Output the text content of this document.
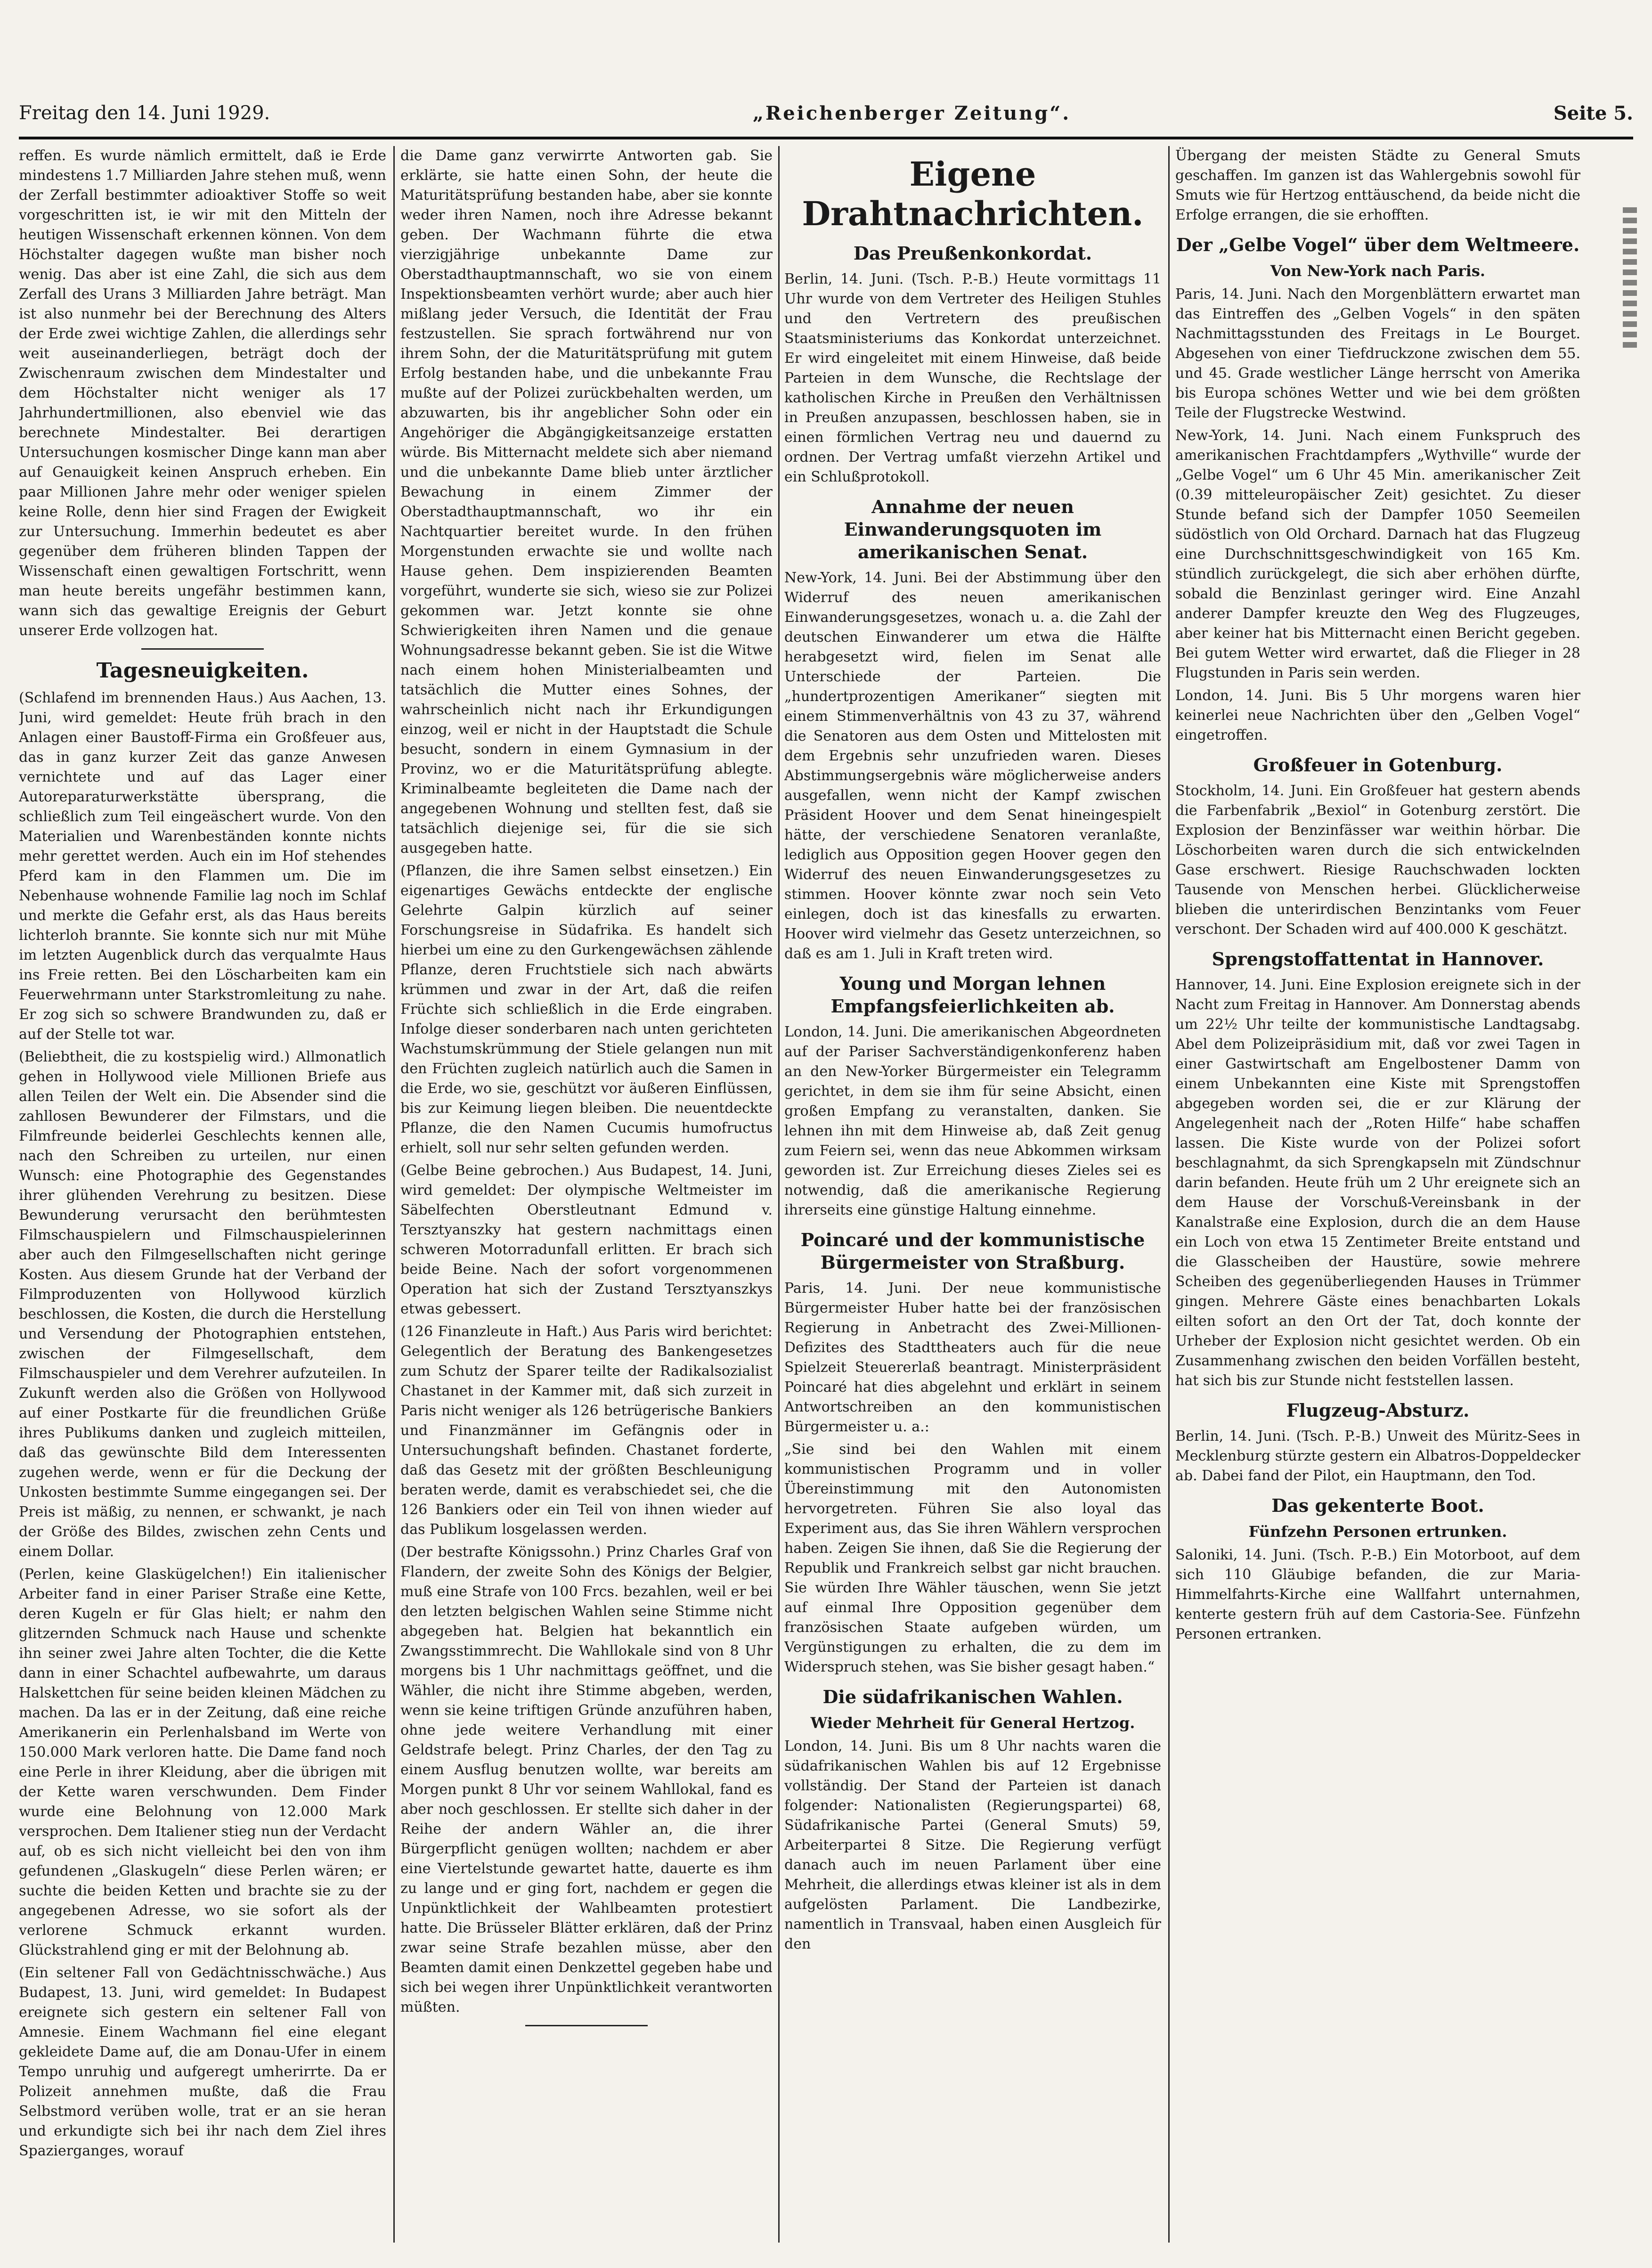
Freitag den 14. Juni 1929.	„Reichenberger Zeitung“.	Seite 5.

reffen. Es wurde nämlich ermittelt, daß ie Erde mindestens 1.7 Milliarden Jahre stehen muß, wenn der Zerfall bestimmter adioaktiver Stoffe so weit vorgeschritten ist, ie wir mit den Mitteln der heutigen Wissenschaft erkennen können. Von dem Höchstalter dagegen wußte man bisher noch wenig. Das aber ist eine Zahl, die sich aus dem Zerfall des Urans 3 Milliarden Jahre beträgt. Man ist also nunmehr bei der Berechnung des Alters der Erde zwei wichtige Zahlen, die allerdings sehr weit auseinanderliegen, beträgt doch der Zwischenraum zwischen dem Mindestalter und dem Höchstalter nicht weniger als 17 Jahrhundertmillionen, also ebenviel wie das berechnete Mindestalter. Bei derartigen Untersuchungen kosmischer Dinge kann man aber auf Genauigkeit keinen Anspruch erheben. Ein paar Millionen Jahre mehr oder weniger spielen keine Rolle, denn hier sind Fragen der Ewigkeit zur Untersuchung. Immerhin bedeutet es aber gegenüber dem früheren blinden Tappen der Wissenschaft einen gewaltigen Fortschritt, wenn man heute bereits ungefähr bestimmen kann, wann sich das gewaltige Ereignis der Geburt unserer Erde vollzogen hat.

Tagesneuigkeiten.

(Schlafend im brennenden Haus.) Aus Aachen, 13. Juni, wird gemeldet: Heute früh brach in den Anlagen einer Baustoff-Firma ein Großfeuer aus, das in ganz kurzer Zeit das ganze Anwesen vernichtete und auf das Lager einer Autoreparaturwerkstätte übersprang, die schließlich zum Teil eingeäschert wurde. Von den Materialien und Warenbeständen konnte nichts mehr gerettet werden. Auch ein im Hof stehendes Pferd kam in den Flammen um. Die im Nebenhause wohnende Familie lag noch im Schlaf und merkte die Gefahr erst, als das Haus bereits lichterloh brannte. Sie konnte sich nur mit Mühe im letzten Augenblick durch das verqualmte Haus ins Freie retten. Bei den Löscharbeiten kam ein Feuerwehrmann unter Starkstromleitung zu nahe. Er zog sich so schwere Brandwunden zu, daß er auf der Stelle tot war.

(Beliebtheit, die zu kostspielig wird.) Allmonatlich gehen in Hollywood viele Millionen Briefe aus allen Teilen der Welt ein. Die Absender sind die zahllosen Bewunderer der Filmstars, und die Filmfreunde beiderlei Geschlechts kennen alle, nach den Schreiben zu urteilen, nur einen Wunsch: eine Photographie des Gegenstandes ihrer glühenden Verehrung zu besitzen. Diese Bewunderung verursacht den berühmtesten Filmschauspielern und Filmschauspielerinnen aber auch den Filmgesellschaften nicht geringe Kosten. Aus diesem Grunde hat der Verband der Filmproduzenten von Hollywood kürzlich beschlossen, die Kosten, die durch die Herstellung und Versendung der Photographien entstehen, zwischen der Filmgesellschaft, dem Filmschauspieler und dem Verehrer aufzuteilen. In Zukunft werden also die Größen von Hollywood auf einer Postkarte für die freundlichen Grüße ihres Publikums danken und zugleich mitteilen, daß das gewünschte Bild dem Interessenten zugehen werde, wenn er für die Deckung der Unkosten bestimmte Summe eingegangen sei. Der Preis ist mäßig, zu nennen, er schwankt, je nach der Größe des Bildes, zwischen zehn Cents und einem Dollar.

(Perlen, keine Glaskügelchen!) Ein italienischer Arbeiter fand in einer Pariser Straße eine Kette, deren Kugeln er für Glas hielt; er nahm den glitzernden Schmuck nach Hause und schenkte ihn seiner zwei Jahre alten Tochter, die die Kette dann in einer Schachtel aufbewahrte, um daraus Halskettchen für seine beiden kleinen Mädchen zu machen. Da las er in der Zeitung, daß eine reiche Amerikanerin ein Perlenhalsband im Werte von 150.000 Mark verloren hatte. Die Dame fand noch eine Perle in ihrer Kleidung, aber die übrigen mit der Kette waren verschwunden. Dem Finder wurde eine Belohnung von 12.000 Mark versprochen. Dem Italiener stieg nun der Verdacht auf, ob es sich nicht vielleicht bei den von ihm gefundenen „Glaskugeln“ diese Perlen wären; er suchte die beiden Ketten und brachte sie zu der angegebenen Adresse, wo sie sofort als der verlorene Schmuck erkannt wurden. Glückstrahlend ging er mit der Belohnung ab.

(Ein seltener Fall von Gedächtnisschwäche.) Aus Budapest, 13. Juni, wird gemeldet: In Budapest ereignete sich gestern ein seltener Fall von Amnesie. Einem Wachmann fiel eine elegant gekleidete Dame auf, die am Donau-Ufer in einem Tempo unruhig und aufgeregt umherirrte. Da er Polizeit annehmen mußte, daß die Frau Selbstmord verüben wolle, trat er an sie heran und erkundigte sich bei ihr nach dem Ziel ihres Spazierganges, worauf

die Dame ganz verwirrte Antworten gab. Sie erklärte, sie hatte einen Sohn, der heute die Maturitätsprüfung bestanden habe, aber sie konnte weder ihren Namen, noch ihre Adresse bekannt geben. Der Wachmann führte die etwa vierzigjährige unbekannte Dame zur Oberstadthauptmannschaft, wo sie von einem Inspektionsbeamten verhört wurde; aber auch hier mißlang jeder Versuch, die Identität der Frau festzustellen. Sie sprach fortwährend nur von ihrem Sohn, der die Maturitätsprüfung mit gutem Erfolg bestanden habe, und die unbekannte Frau mußte auf der Polizei zurückbehalten werden, um abzuwarten, bis ihr angeblicher Sohn oder ein Angehöriger die Abgängigkeitsanzeige erstatten würde. Bis Mitternacht meldete sich aber niemand und die unbekannte Dame blieb unter ärztlicher Bewachung in einem Zimmer der Oberstadthauptmannschaft, wo ihr ein Nachtquartier bereitet wurde. In den frühen Morgenstunden erwachte sie und wollte nach Hause gehen. Dem inspizierenden Beamten vorgeführt, wunderte sie sich, wieso sie zur Polizei gekommen war. Jetzt konnte sie ohne Schwierigkeiten ihren Namen und die genaue Wohnungsadresse bekannt geben. Sie ist die Witwe nach einem hohen Ministerialbeamten und tatsächlich die Mutter eines Sohnes, der wahrscheinlich nicht nach ihr Erkundigungen einzog, weil er nicht in der Hauptstadt die Schule besucht, sondern in einem Gymnasium in der Provinz, wo er die Maturitätsprüfung ablegte. Kriminalbeamte begleiteten die Dame nach der angegebenen Wohnung und stellten fest, daß sie tatsächlich diejenige sei, für die sie sich ausgegeben hatte.

(Pflanzen, die ihre Samen selbst einsetzen.) Ein eigenartiges Gewächs entdeckte der englische Gelehrte Galpin kürzlich auf seiner Forschungsreise in Südafrika. Es handelt sich hierbei um eine zu den Gurkengewächsen zählende Pflanze, deren Fruchtstiele sich nach abwärts krümmen und zwar in der Art, daß die reifen Früchte sich schließlich in die Erde eingraben. Infolge dieser sonderbaren nach unten gerichteten Wachstumskrümmung der Stiele gelangen nun mit den Früchten zugleich natürlich auch die Samen in die Erde, wo sie, geschützt vor äußeren Einflüssen, bis zur Keimung liegen bleiben. Die neuentdeckte Pflanze, die den Namen Cucumis humofructus erhielt, soll nur sehr selten gefunden werden.

(Gelbe Beine gebrochen.) Aus Budapest, 14. Juni, wird gemeldet: Der olympische Weltmeister im Säbelfechten Oberstleutnant Edmund v. Tersztyanszky hat gestern nachmittags einen schweren Motorradunfall erlitten. Er brach sich beide Beine. Nach der sofort vorgenommenen Operation hat sich der Zustand Tersztyanszkys etwas gebessert.

(126 Finanzleute in Haft.) Aus Paris wird berichtet: Gelegentlich der Beratung des Bankengesetzes zum Schutz der Sparer teilte der Radikalsozialist Chastanet in der Kammer mit, daß sich zurzeit in Paris nicht weniger als 126 betrügerische Bankiers und Finanzmänner im Gefängnis oder in Untersuchungshaft befinden. Chastanet forderte, daß das Gesetz mit der größten Beschleunigung beraten werde, damit es verabschiedet sei, che die 126 Bankiers oder ein Teil von ihnen wieder auf das Publikum losgelassen werden.

(Der bestrafte Königssohn.) Prinz Charles Graf von Flandern, der zweite Sohn des Königs der Belgier, muß eine Strafe von 100 Frcs. bezahlen, weil er bei den letzten belgischen Wahlen seine Stimme nicht abgegeben hat. Belgien hat bekanntlich ein Zwangsstimmrecht. Die Wahllokale sind von 8 Uhr morgens bis 1 Uhr nachmittags geöffnet, und die Wähler, die nicht ihre Stimme abgeben, werden, wenn sie keine triftigen Gründe anzuführen haben, ohne jede weitere Verhandlung mit einer Geldstrafe belegt. Prinz Charles, der den Tag zu einem Ausflug benutzen wollte, war bereits am Morgen punkt 8 Uhr vor seinem Wahllokal, fand es aber noch geschlossen. Er stellte sich daher in der Reihe der andern Wähler an, die ihrer Bürgerpflicht genügen wollten; nachdem er aber eine Viertelstunde gewartet hatte, dauerte es ihm zu lange und er ging fort, nachdem er gegen die Unpünktlichkeit der Wahlbeamten protestiert hatte. Die Brüsseler Blätter erklären, daß der Prinz zwar seine Strafe bezahlen müsse, aber den Beamten damit einen Denkzettel gegeben habe und sich bei wegen ihrer Unpünktlichkeit verantworten müßten.

Eigene Drahtnachrichten.
Das Preußenkonkordat.

Berlin, 14. Juni. (Tsch. P.-B.) Heute vormittags 11 Uhr wurde von dem Vertreter des Heiligen Stuhles und den Vertretern des preußischen Staatsministeriums das Konkordat unterzeichnet. Er wird eingeleitet mit einem Hinweise, daß beide Parteien in dem Wunsche, die Rechtslage der katholischen Kirche in Preußen den Verhältnissen in Preußen anzupassen, beschlossen haben, sie in einen förmlichen Vertrag neu und dauernd zu ordnen. Der Vertrag umfaßt vierzehn Artikel und ein Schlußprotokoll.

Annahme der neuen Einwanderungsquoten im amerikanischen Senat.

New-York, 14. Juni. Bei der Abstimmung über den Widerruf des neuen amerikanischen Einwanderungsgesetzes, wonach u. a. die Zahl der deutschen Einwanderer um etwa die Hälfte herabgesetzt wird, fielen im Senat alle Unterschiede der Parteien. Die „hundertprozentigen Amerikaner“ siegten mit einem Stimmenverhältnis von 43 zu 37, während die Senatoren aus dem Osten und Mittelosten mit dem Ergebnis sehr unzufrieden waren. Dieses Abstimmungsergebnis wäre möglicherweise anders ausgefallen, wenn nicht der Kampf zwischen Präsident Hoover und dem Senat hineingespielt hätte, der verschiedene Senatoren veranlaßte, lediglich aus Opposition gegen Hoover gegen den Widerruf des neuen Einwanderungsgesetzes zu stimmen. Hoover könnte zwar noch sein Veto einlegen, doch ist das kinesfalls zu erwarten. Hoover wird vielmehr das Gesetz unterzeichnen, so daß es am 1. Juli in Kraft treten wird.

Young und Morgan lehnen Empfangsfeierlichkeiten ab.

London, 14. Juni. Die amerikanischen Abgeordneten auf der Pariser Sachverständigenkonferenz haben an den New-Yorker Bürgermeister ein Telegramm gerichtet, in dem sie ihm für seine Absicht, einen großen Empfang zu veranstalten, danken. Sie lehnen ihn mit dem Hinweise ab, daß Zeit genug zum Feiern sei, wenn das neue Abkommen wirksam geworden ist. Zur Erreichung dieses Zieles sei es notwendig, daß die amerikanische Regierung ihrerseits eine günstige Haltung einnehme.

Poincaré und der kommunistische Bürgermeister von Straßburg.

Paris, 14. Juni. Der neue kommunistische Bürgermeister Huber hatte bei der französischen Regierung in Anbetracht des Zwei-Millionen-Defizites des Stadttheaters auch für die neue Spielzeit Steuererlaß beantragt. Ministerpräsident Poincaré hat dies abgelehnt und erklärt in seinem Antwortschreiben an den kommunistischen Bürgermeister u. a.:

„Sie sind bei den Wahlen mit einem kommunistischen Programm und in voller Übereinstimmung mit den Autonomisten hervorgetreten. Führen Sie also loyal das Experiment aus, das Sie ihren Wählern versprochen haben. Zeigen Sie ihnen, daß Sie die Regierung der Republik und Frankreich selbst gar nicht brauchen. Sie würden Ihre Wähler täuschen, wenn Sie jetzt auf einmal Ihre Opposition gegenüber dem französischen Staate aufgeben würden, um Vergünstigungen zu erhalten, die zu dem im Widerspruch stehen, was Sie bisher gesagt haben.“

Die südafrikanischen Wahlen.
Wieder Mehrheit für General Hertzog.

London, 14. Juni. Bis um 8 Uhr nachts waren die südafrikanischen Wahlen bis auf 12 Ergebnisse vollständig. Der Stand der Parteien ist danach folgender: Nationalisten (Regierungspartei) 68, Südafrikanische Partei (General Smuts) 59, Arbeiterpartei 8 Sitze. Die Regierung verfügt danach auch im neuen Parlament über eine Mehrheit, die allerdings etwas kleiner ist als in dem aufgelösten Parlament. Die Landbezirke, namentlich in Transvaal, haben einen Ausgleich für den

Übergang der meisten Städte zu General Smuts geschaffen. Im ganzen ist das Wahlergebnis sowohl für Smuts wie für Hertzog enttäuschend, da beide nicht die Erfolge errangen, die sie erhofften.

Der „Gelbe Vogel“ über dem Weltmeere.
Von New-York nach Paris.

Paris, 14. Juni. Nach den Morgenblättern erwartet man das Eintreffen des „Gelben Vogels“ in den späten Nachmittagsstunden des Freitags in Le Bourget. Abgesehen von einer Tiefdruckzone zwischen dem 55. und 45. Grade westlicher Länge herrscht von Amerika bis Europa schönes Wetter und wie bei dem größten Teile der Flugstrecke Westwind.

New-York, 14. Juni. Nach einem Funkspruch des amerikanischen Frachtdampfers „Wythville“ wurde der „Gelbe Vogel“ um 6 Uhr 45 Min. amerikanischer Zeit (0.39 mitteleuropäischer Zeit) gesichtet. Zu dieser Stunde befand sich der Dampfer 1050 Seemeilen südöstlich von Old Orchard. Darnach hat das Flugzeug eine Durchschnittsgeschwindigkeit von 165 Km. stündlich zurückgelegt, die sich aber erhöhen dürfte, sobald die Benzinlast geringer wird. Eine Anzahl anderer Dampfer kreuzte den Weg des Flugzeuges, aber keiner hat bis Mitternacht einen Bericht gegeben. Bei gutem Wetter wird erwartet, daß die Flieger in 28 Flugstunden in Paris sein werden.

London, 14. Juni. Bis 5 Uhr morgens waren hier keinerlei neue Nachrichten über den „Gelben Vogel“ eingetroffen.

Großfeuer in Gotenburg.

Stockholm, 14. Juni. Ein Großfeuer hat gestern abends die Farbenfabrik „Bexiol“ in Gotenburg zerstört. Die Explosion der Benzinfässer war weithin hörbar. Die Löschorbeiten waren durch die sich entwickelnden Gase erschwert. Riesige Rauchschwaden lockten Tausende von Menschen herbei. Glücklicherweise blieben die unterirdischen Benzintanks vom Feuer verschont. Der Schaden wird auf 400.000 K geschätzt.

Sprengstoffattentat in Hannover.

Hannover, 14. Juni. Eine Explosion ereignete sich in der Nacht zum Freitag in Hannover. Am Donnerstag abends um 22½ Uhr teilte der kommunistische Landtagsabg. Abel dem Polizeipräsidium mit, daß vor zwei Tagen in einer Gastwirtschaft am Engelbostener Damm von einem Unbekannten eine Kiste mit Sprengstoffen abgegeben worden sei, die er zur Klärung der Angelegenheit nach der „Roten Hilfe“ habe schaffen lassen. Die Kiste wurde von der Polizei sofort beschlagnahmt, da sich Sprengkapseln mit Zündschnur darin befanden. Heute früh um 2 Uhr ereignete sich an dem Hause der Vorschuß-Vereinsbank in der Kanalstraße eine Explosion, durch die an dem Hause ein Loch von etwa 15 Zentimeter Breite entstand und die Glasscheiben der Haustüre, sowie mehrere Scheiben des gegenüberliegenden Hauses in Trümmer gingen. Mehrere Gäste eines benachbarten Lokals eilten sofort an den Ort der Tat, doch konnte der Urheber der Explosion nicht gesichtet werden. Ob ein Zusammenhang zwischen den beiden Vorfällen besteht, hat sich bis zur Stunde nicht feststellen lassen.

Flugzeug-Absturz.

Berlin, 14. Juni. (Tsch. P.-B.) Unweit des Müritz-Sees in Mecklenburg stürzte gestern ein Albatros-Doppeldecker ab. Dabei fand der Pilot, ein Hauptmann, den Tod.

Das gekenterte Boot.
Fünfzehn Personen ertrunken.

Saloniki, 14. Juni. (Tsch. P.-B.) Ein Motorboot, auf dem sich 110 Gläubige befanden, die zur Maria-Himmelfahrts-Kirche eine Wallfahrt unternahmen, kenterte gestern früh auf dem Castoria-See. Fünfzehn Personen ertranken.
